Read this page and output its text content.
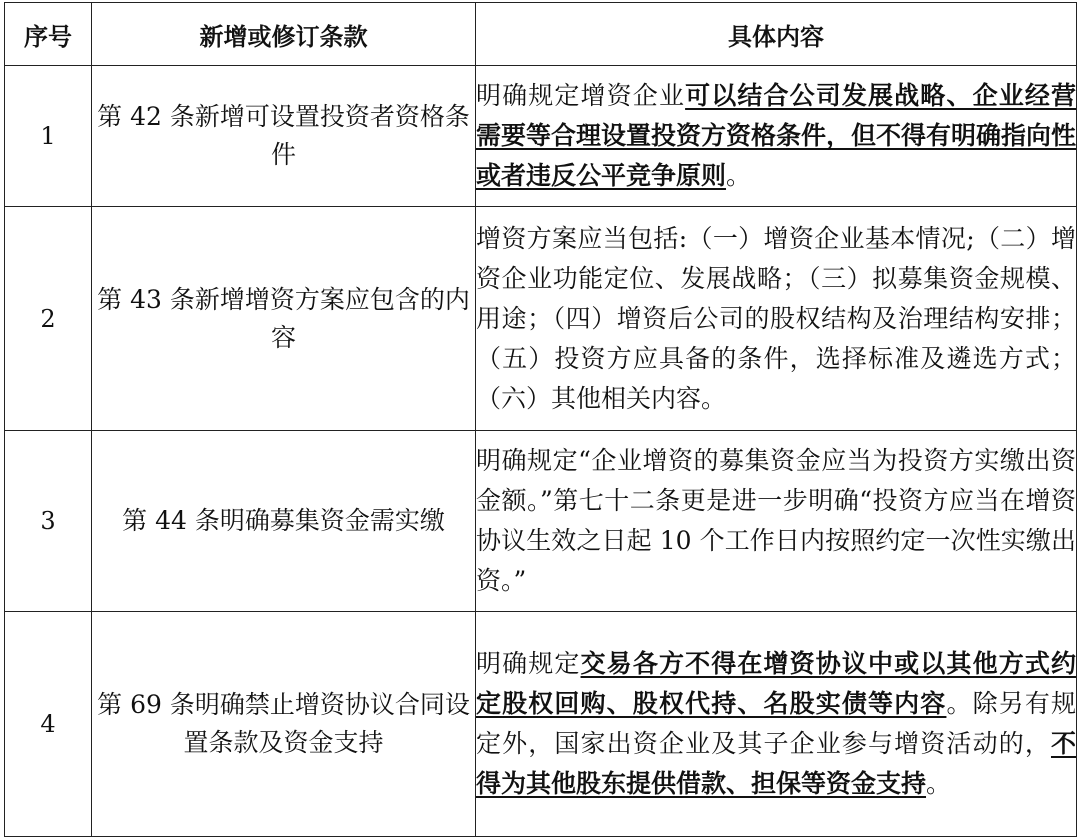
序号	新增或修订条款	具体内容
1	第 42 条新增可设置投资者资格条件	明确规定增资企业可以结合公司发展战略、企业经营需要等合理设置投资方资格条件，但不得有明确指向性或者违反公平竞争原则。
2	第 43 条新增增资方案应包含的内容	增资方案应当包括:（一）增资企业基本情况;（二）增资企业功能定位、发展战略；（三）拟募集资金规模、用途；（四）增资后公司的股权结构及治理结构安排；（五）投资方应具备的条件，选择标准及遴选方式；（六）其他相关内容。
3	第 44 条明确募集资金需实缴	明确规定“企业增资的募集资金应当为投资方实缴出资金额。”第七十二条更是进一步明确“投资方应当在增资协议生效之日起 10 个工作日内按照约定一次性实缴出资。”
4	第 69 条明确禁止增资协议合同设置条款及资金支持	明确规定交易各方不得在增资协议中或以其他方式约定股权回购、股权代持、名股实债等内容。除另有规定外，国家出资企业及其子企业参与增资活动的，不得为其他股东提供借款、担保等资金支持。
